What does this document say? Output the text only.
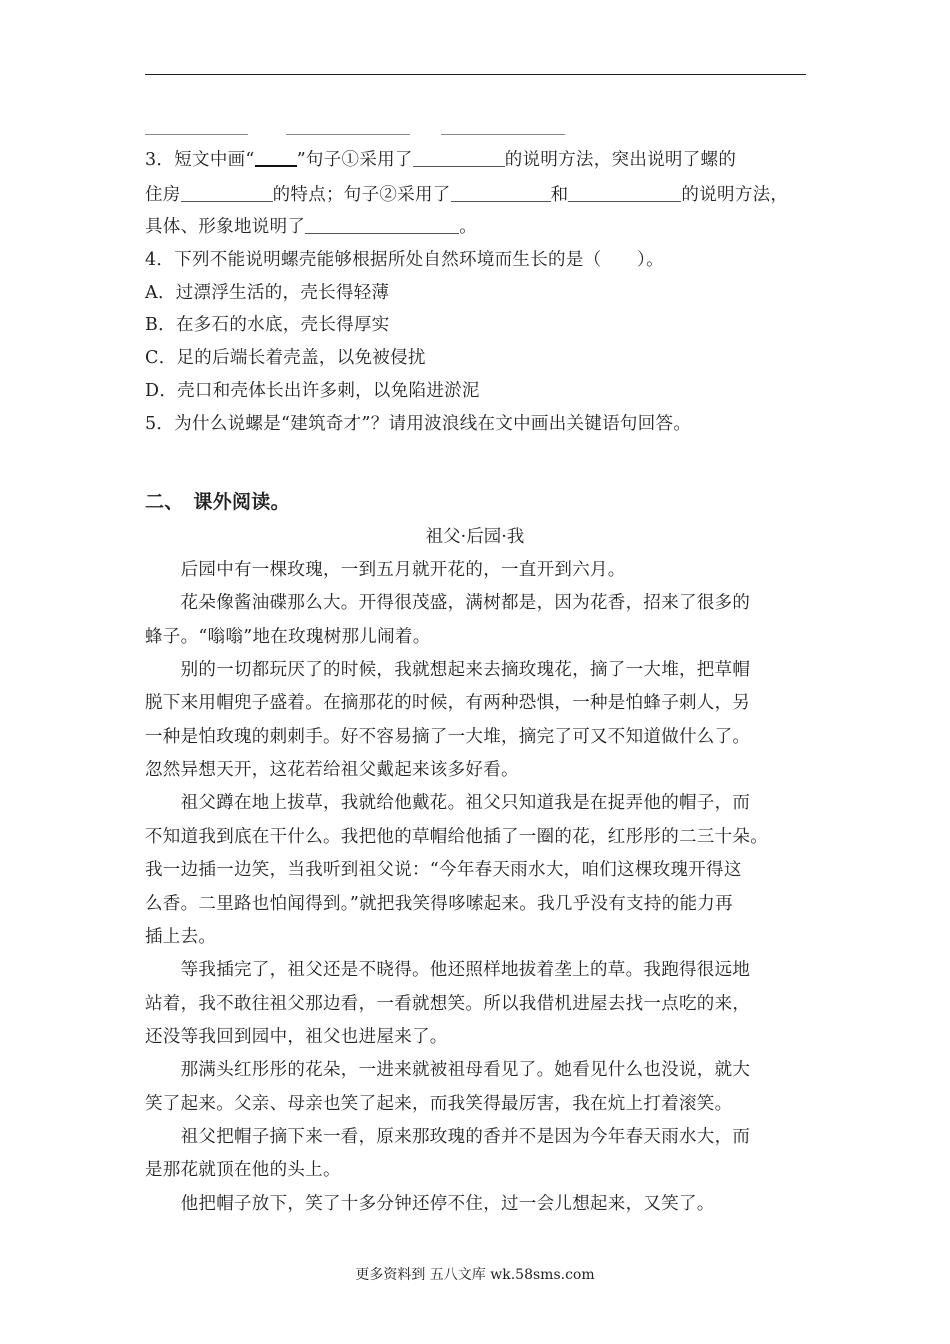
3．短文中画“ ”句子①采用了	的说明方法，突出说明了螺的
住房	的特点；句子②采用了	和	的说明方法，
具体、形象地说明了	。
4．下列不能说明螺壳能够根据所处自然环境而生长的是（　　）。
A．过漂浮生活的，壳长得轻薄
B．在多石的水底，壳长得厚实
C．足的后端长着壳盖，以免被侵扰
D．壳口和壳体长出许多刺，以免陷进淤泥
5．为什么说螺是“建筑奇才”？请用波浪线在文中画出关键语句回答。
二、　课外阅读。
祖父·后园·我
　　后园中有一棵玫瑰，一到五月就开花的，一直开到六月。
　　花朵像酱油碟那么大。开得很茂盛，满树都是，因为花香，招来了很多的
蜂子。“嗡嗡”地在玫瑰树那儿闹着。
　　别的一切都玩厌了的时候，我就想起来去摘玫瑰花，摘了一大堆，把草帽
脱下来用帽兜子盛着。在摘那花的时候，有两种恐惧，一种是怕蜂子刺人，另
一种是怕玫瑰的刺刺手。好不容易摘了一大堆，摘完了可又不知道做什么了。
忽然异想天开，这花若给祖父戴起来该多好看。
　　祖父蹲在地上拔草，我就给他戴花。祖父只知道我是在捉弄他的帽子，而
不知道我到底在干什么。我把他的草帽给他插了一圈的花，红彤彤的二三十朵。
我一边插一边笑，当我听到祖父说：“今年春天雨水大，咱们这棵玫瑰开得这
么香。二里路也怕闻得到。”就把我笑得哆嗦起来。我几乎没有支持的能力再
插上去。
　　等我插完了，祖父还是不晓得。他还照样地拔着垄上的草。我跑得很远地
站着，我不敢往祖父那边看，一看就想笑。所以我借机进屋去找一点吃的来，
还没等我回到园中，祖父也进屋来了。
　　那满头红彤彤的花朵，一进来就被祖母看见了。她看见什么也没说，就大
笑了起来。父亲、母亲也笑了起来，而我笑得最厉害，我在炕上打着滚笑。
　　祖父把帽子摘下来一看，原来那玫瑰的香并不是因为今年春天雨水大，而
是那花就顶在他的头上。
　　他把帽子放下，笑了十多分钟还停不住，过一会儿想起来，又笑了。
更多资料到 五八文库 wk.58sms.com
